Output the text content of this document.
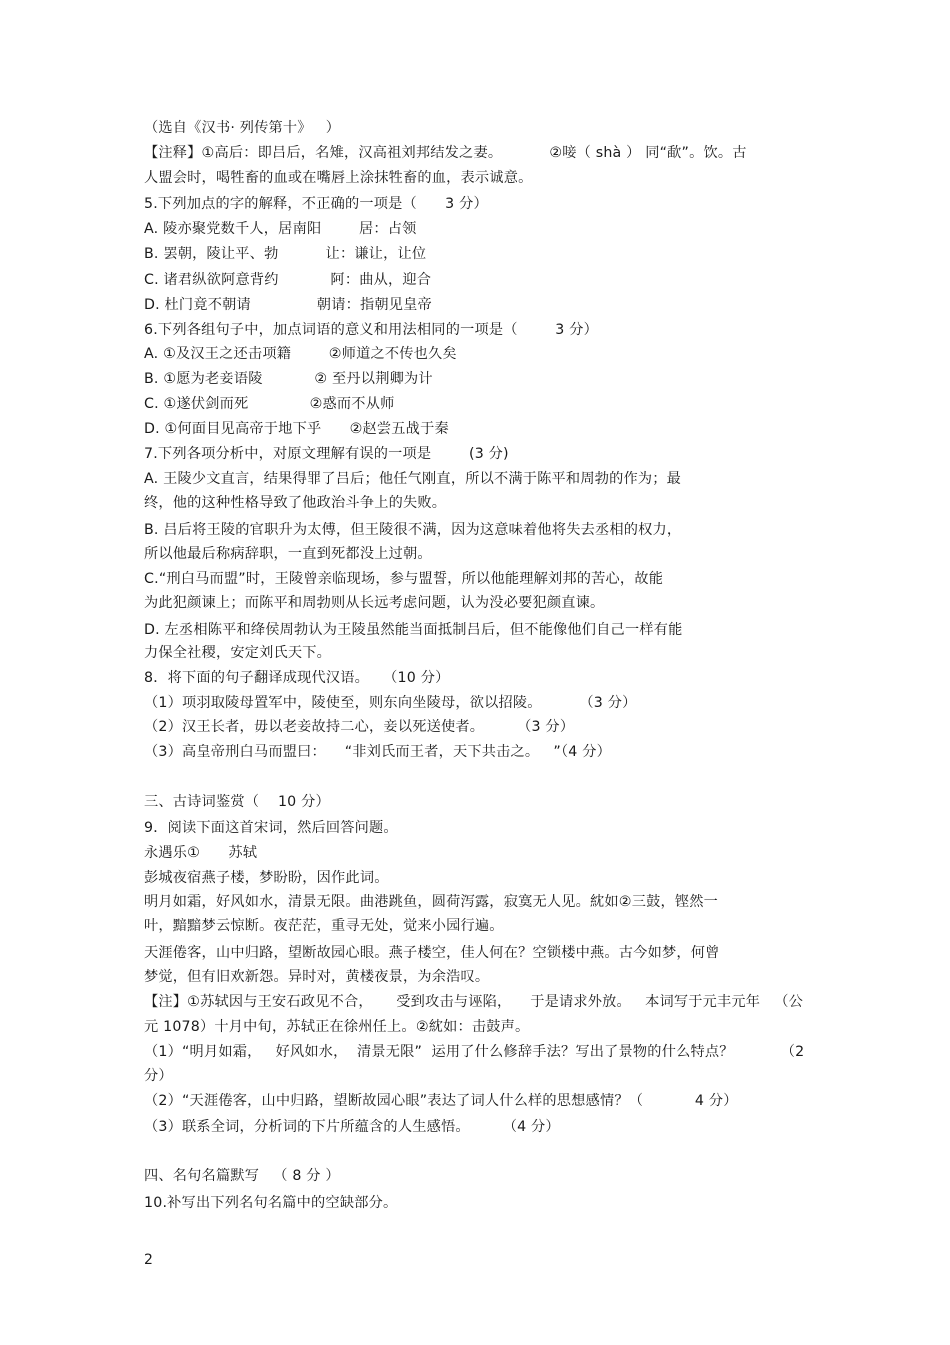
（选自《汉书· 列传第十》   ）
【注释】①高后：即吕后，名雉，汉高祖刘邦结发之妻。          ②唼（ shà ） 同“歃”。饮。古
人盟会时，喝牲畜的血或在嘴唇上涂抹牲畜的血，表示诚意。
5.下列加点的字的解释，不正确的一项是（      3 分）
A. 陵亦聚党数千人，居南阳        居：占领
B. 罢朝，陵让平、勃          让：谦让，让位
C. 诸君纵欲阿意背约           阿：曲从，迎合
D. 杜门竟不朝请              朝请：指朝见皇帝
6.下列各组句子中，加点词语的意义和用法相同的一项是（        3 分）
A. ①及汉王之还击项籍        ②师道之不传也久矣
B. ①愿为老妾语陵           ② 至丹以荆卿为计
C. ①遂伏剑而死             ②惑而不从师
D. ①何面目见高帝于地下乎      ②赵尝五战于秦
7.下列各项分析中，对原文理解有误的一项是        (3 分)
A. 王陵少文直言，结果得罪了吕后；他任气刚直，所以不满于陈平和周勃的作为；最
终，他的这种性格导致了他政治斗争上的失败。
B. 吕后将王陵的官职升为太傅，但王陵很不满，因为这意味着他将失去丞相的权力，
所以他最后称病辞职，一直到死都没上过朝。
C.“刑白马而盟”时，王陵曾亲临现场，参与盟誓，所以他能理解刘邦的苦心，故能
为此犯颜谏上；而陈平和周勃则从长远考虑问题，认为没必要犯颜直谏。
D. 左丞相陈平和绛侯周勃认为王陵虽然能当面抵制吕后，但不能像他们自己一样有能
力保全社稷，安定刘氏天下。
8．将下面的句子翻译成现代汉语。   （10 分）
（1）项羽取陵母置军中，陵使至，则东向坐陵母，欲以招陵。        （3 分）
（2）汉王长者，毋以老妾故持二心，妾以死送使者。       （3 分）
（3）高皇帝刑白马而盟曰：    “非刘氏而王者，天下共击之。   ”（4 分）
三、古诗词鉴赏（    10 分）
9．阅读下面这首宋词，然后回答问题。
永遇乐①      苏轼
彭城夜宿燕子楼，梦盼盼，因作此词。
明月如霜，好风如水，清景无限。曲港跳鱼，圆荷泻露，寂寞无人见。紞如②三鼓，铿然一
叶，黯黯梦云惊断。夜茫茫，重寻无处，觉来小园行遍。
天涯倦客，山中归路，望断故园心眼。燕子楼空，佳人何在？空锁楼中燕。古今如梦，何曾
梦觉，但有旧欢新怨。异时对，黄楼夜景，为余浩叹。
【注】①苏轼因与王安石政见不合，     受到攻击与诬陷，    于是请求外放。   本词写于元丰元年   （公
元 1078）十月中旬，苏轼正在徐州任上。②紞如：击鼓声。
（1）“明月如霜，   好风如水，  清景无限”  运用了什么修辞手法？写出了景物的什么特点？          （2
分）
（2）“天涯倦客，山中归路，望断故园心眼”表达了词人什么样的思想感情？（           4 分）
（3）联系全词，分析词的下片所蕴含的人生感悟。       （4 分）
四、名句名篇默写   （ 8 分 ）
10.补写出下列名句名篇中的空缺部分。
2
